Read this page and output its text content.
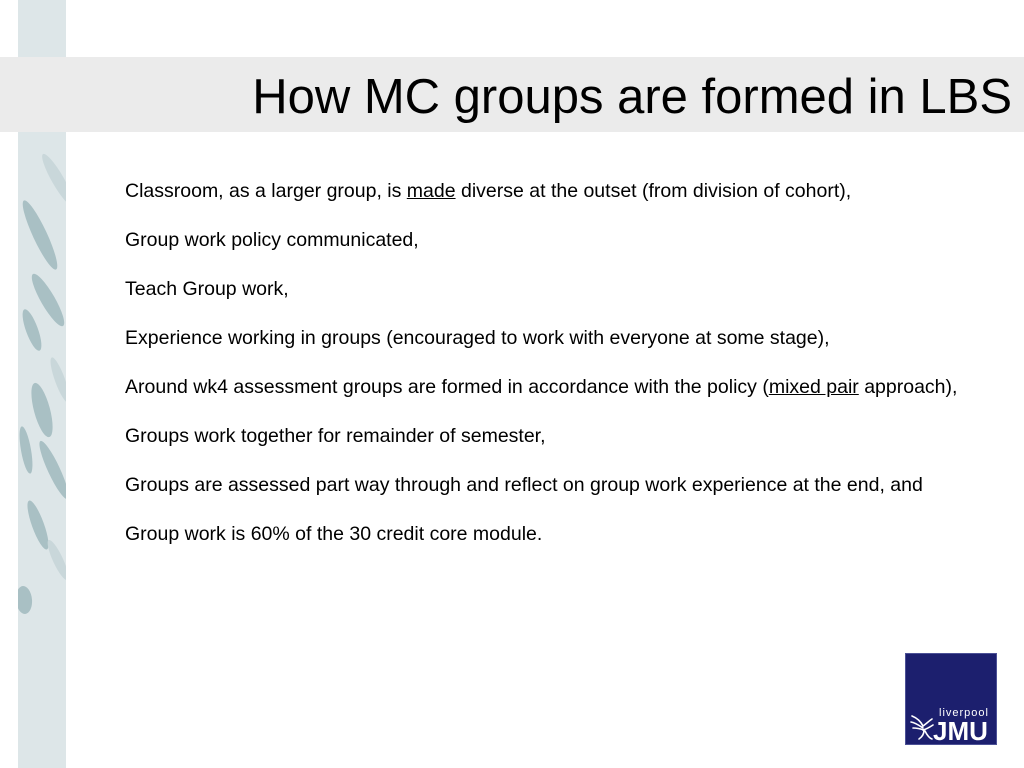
How MC groups are formed in LBS
Classroom, as a larger group, is made diverse at the outset (from division of cohort),
Group work policy communicated,
Teach Group work,
Experience working in groups (encouraged to work with everyone at some stage),
Around wk4 assessment groups are formed in accordance with the policy (mixed pair approach),
Groups work together for remainder of semester,
Groups are assessed part way through and reflect on group work experience at the end, and
Group work is 60% of the 30 credit core module.
liverpool
JMU
